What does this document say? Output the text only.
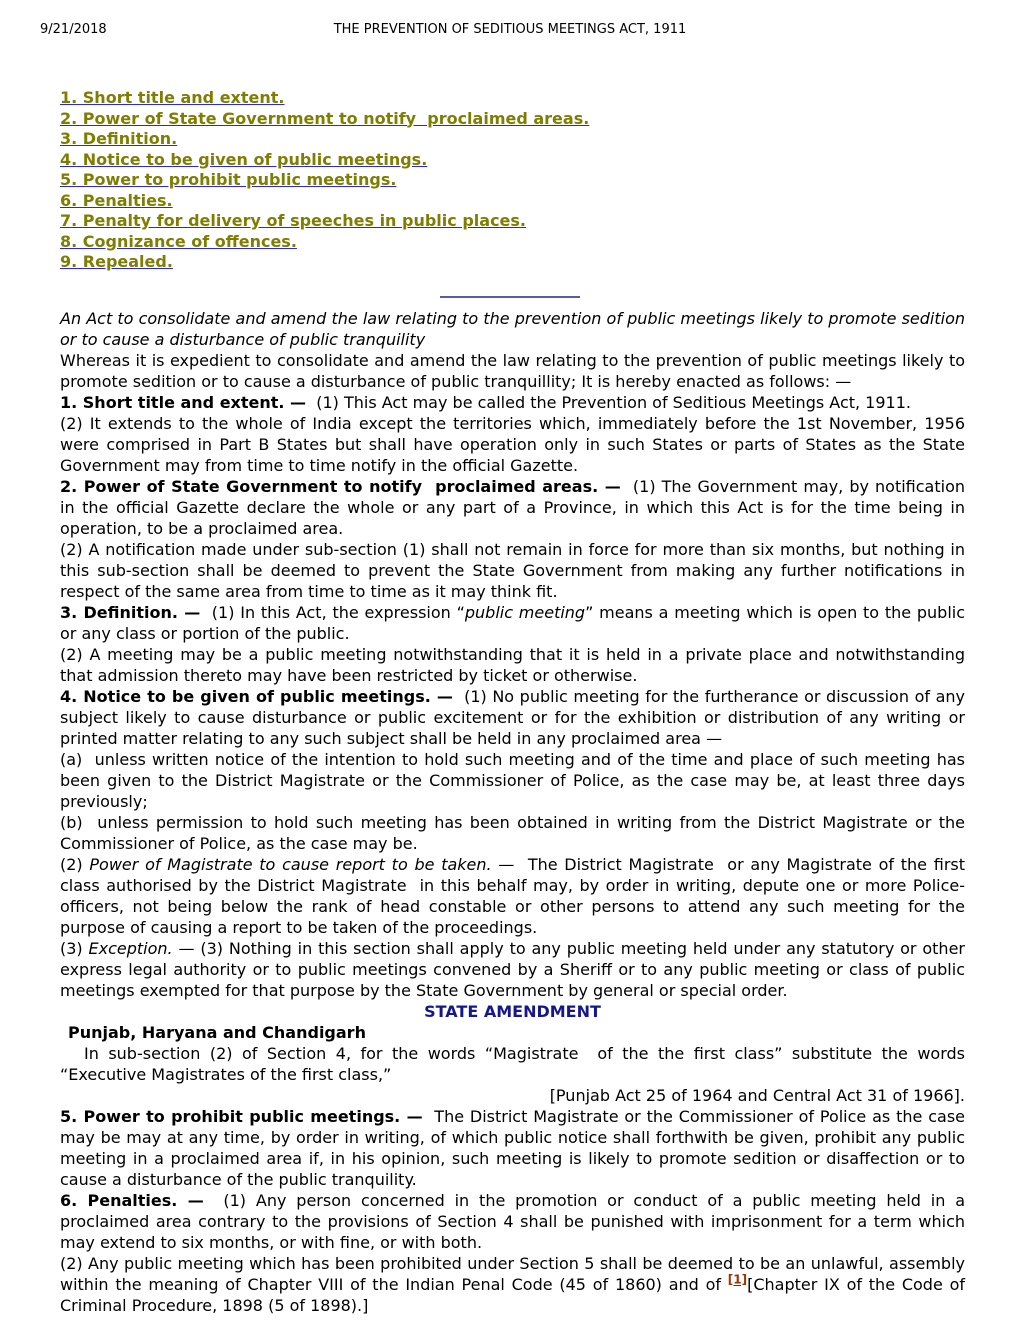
9/21/2018	THE PREVENTION OF SEDITIOUS MEETINGS ACT, 1911
1. Short title and extent.
2. Power of State Government to notify  proclaimed areas.
3. Definition.
4. Notice to be given of public meetings.
5. Power to prohibit public meetings.
6. Penalties.
7. Penalty for delivery of speeches in public places.
8. Cognizance of offences.
9. Repealed.

An Act to consolidate and amend the law relating to the prevention of public meetings likely to promote sedition or to cause a disturbance of public tranquility

Whereas it is expedient to consolidate and amend the law relating to the prevention of public meetings likely to promote sedition or to cause a disturbance of public tranquillity; It is hereby enacted as follows: —

1. Short title and extent. —  (1) This Act may be called the Prevention of Seditious Meetings Act, 1911.

(2) It extends to the whole of India except the territories which, immediately before the 1st November, 1956 were comprised in Part B States but shall have operation only in such States or parts of States as the State Government may from time to time notify in the official Gazette.

2. Power of State Government to notify  proclaimed areas. —  (1) The Government may, by notification in the official Gazette declare the whole or any part of a Province, in which this Act is for the time being in operation, to be a proclaimed area.

(2) A notification made under sub-section (1) shall not remain in force for more than six months, but nothing in this sub-section shall be deemed to prevent the State Government from making any further notifications in respect of the same area from time to time as it may think fit.

3. Definition. —  (1) In this Act, the expression “public meeting” means a meeting which is open to the public or any class or portion of the public.

(2) A meeting may be a public meeting notwithstanding that it is held in a private place and notwithstanding that admission thereto may have been restricted by ticket or otherwise.

4. Notice to be given of public meetings. —  (1) No public meeting for the furtherance or discussion of any subject likely to cause disturbance or public excitement or for the exhibition or distribution of any writing or printed matter relating to any such subject shall be held in any proclaimed area —

(a)  unless written notice of the intention to hold such meeting and of the time and place of such meeting has been given to the District Magistrate or the Commissioner of Police, as the case may be, at least three days previously;

(b)  unless permission to hold such meeting has been obtained in writing from the District Magistrate or the Commissioner of Police, as the case may be.

(2) Power of Magistrate to cause report to be taken. —  The District Magistrate  or any Magistrate of the first class authorised by the District Magistrate  in this behalf may, by order in writing, depute one or more Police-officers, not being below the rank of head constable or other persons to attend any such meeting for the purpose of causing a report to be taken of the proceedings.

(3) Exception. — (3) Nothing in this section shall apply to any public meeting held under any statutory or other express legal authority or to public meetings convened by a Sheriff or to any public meeting or class of public meetings exempted for that purpose by the State Government by general or special order.

STATE AMENDMENT

Punjab, Haryana and Chandigarh

In sub-section (2) of Section 4, for the words “Magistrate  of the the first class” substitute the words “Executive Magistrates of the first class,”

[Punjab Act 25 of 1964 and Central Act 31 of 1966].

5. Power to prohibit public meetings. —  The District Magistrate or the Commissioner of Police as the case may be may at any time, by order in writing, of which public notice shall forthwith be given, prohibit any public meeting in a proclaimed area if, in his opinion, such meeting is likely to promote sedition or disaffection or to cause a disturbance of the public tranquility.

6. Penalties. —  (1) Any person concerned in the promotion or conduct of a public meeting held in a proclaimed area contrary to the provisions of Section 4 shall be punished with imprisonment for a term which may extend to six months, or with fine, or with both.

(2) Any public meeting which has been prohibited under Section 5 shall be deemed to be an unlawful, assembly within the meaning of Chapter VIII of the Indian Penal Code (45 of 1860) and of [1][Chapter IX of the Code of Criminal Procedure, 1898 (5 of 1898).]
